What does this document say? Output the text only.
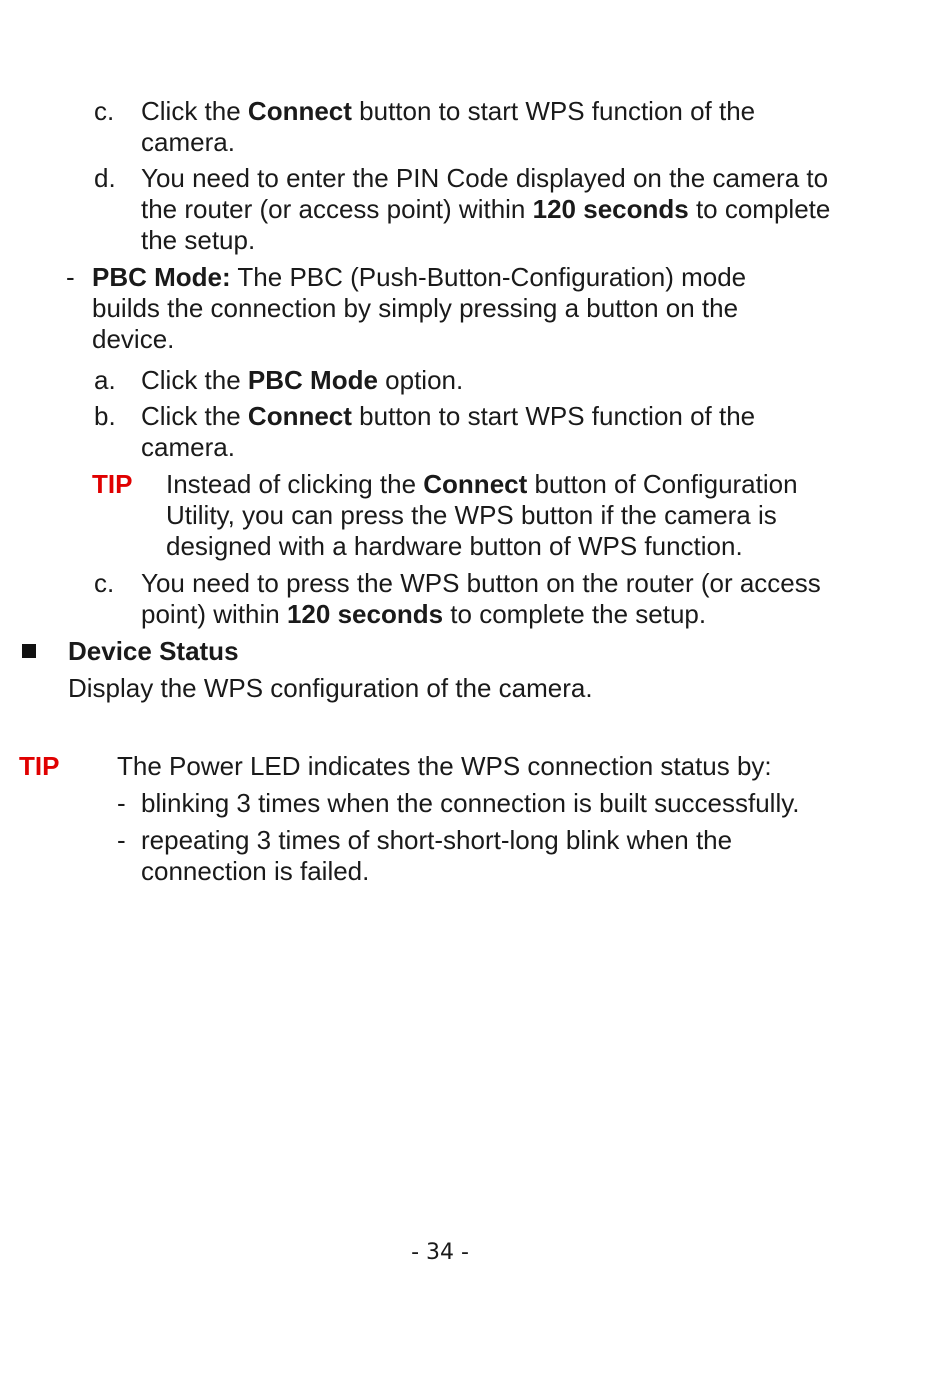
c. Click the Connect button to start WPS function of the camera.
d. You need to enter the PIN Code displayed on the camera to the router (or access point) within 120 seconds to complete the setup.
- PBC Mode: The PBC (Push-Button-Configuration) mode builds the connection by simply pressing a button on the device.
a. Click the PBC Mode option.
b. Click the Connect button to start WPS function of the camera.
TIP Instead of clicking the Connect button of Configuration Utility, you can press the WPS button if the camera is designed with a hardware button of WPS function.
c. You need to press the WPS button on the router (or access point) within 120 seconds to complete the setup.
Device Status
Display the WPS configuration of the camera.
TIP The Power LED indicates the WPS connection status by:
- blinking 3 times when the connection is built successfully.
- repeating 3 times of short-short-long blink when the connection is failed.
- 34 -
